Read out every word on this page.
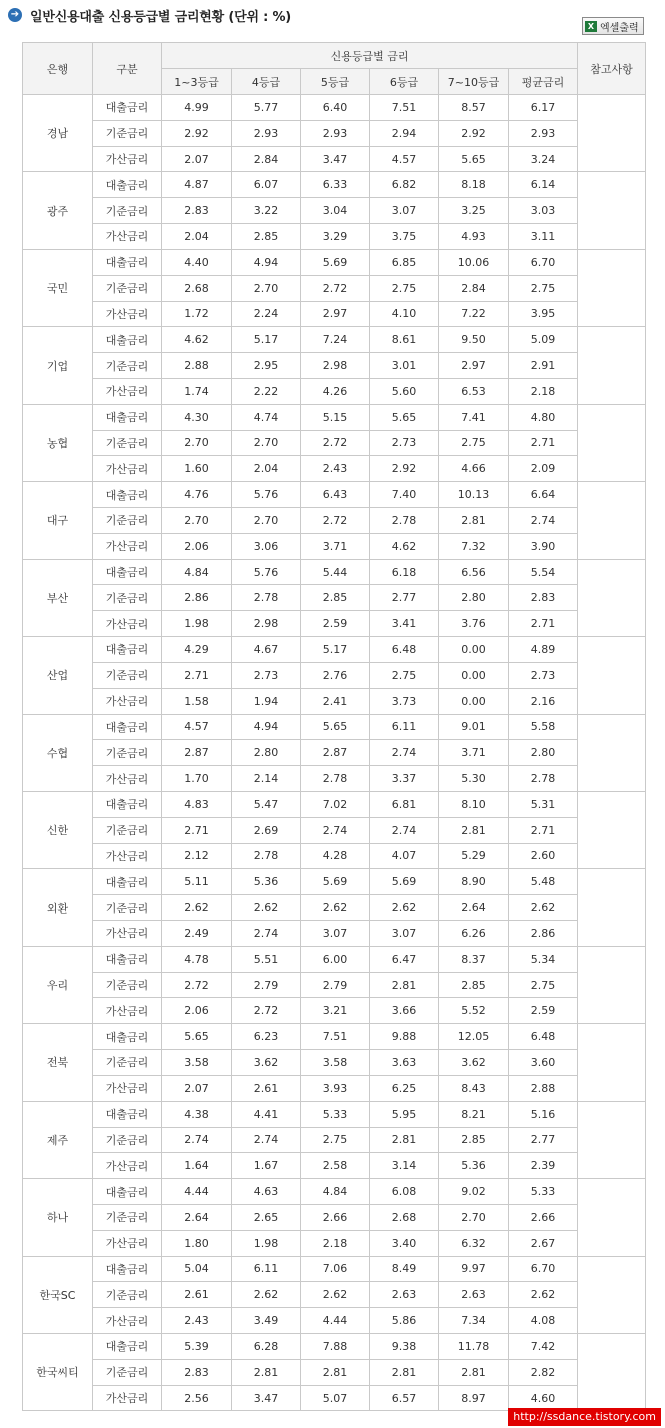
➔ 일반신용대출 신용등급별 금리현황 (단위 : %)
X 엑셀출력
은행	구분	신용등급별 금리						참고사항
		1~3등급	4등급	5등급	6등급	7~10등급	평균금리	
경남	대출금리	4.99	5.77	6.40	7.51	8.57	6.17	
	기준금리	2.92	2.93	2.93	2.94	2.92	2.93	
	가산금리	2.07	2.84	3.47	4.57	5.65	3.24	
광주	대출금리	4.87	6.07	6.33	6.82	8.18	6.14	
	기준금리	2.83	3.22	3.04	3.07	3.25	3.03	
	가산금리	2.04	2.85	3.29	3.75	4.93	3.11	
국민	대출금리	4.40	4.94	5.69	6.85	10.06	6.70	
	기준금리	2.68	2.70	2.72	2.75	2.84	2.75	
	가산금리	1.72	2.24	2.97	4.10	7.22	3.95	
기업	대출금리	4.62	5.17	7.24	8.61	9.50	5.09	
	기준금리	2.88	2.95	2.98	3.01	2.97	2.91	
	가산금리	1.74	2.22	4.26	5.60	6.53	2.18	
농협	대출금리	4.30	4.74	5.15	5.65	7.41	4.80	
	기준금리	2.70	2.70	2.72	2.73	2.75	2.71	
	가산금리	1.60	2.04	2.43	2.92	4.66	2.09	
대구	대출금리	4.76	5.76	6.43	7.40	10.13	6.64	
	기준금리	2.70	2.70	2.72	2.78	2.81	2.74	
	가산금리	2.06	3.06	3.71	4.62	7.32	3.90	
부산	대출금리	4.84	5.76	5.44	6.18	6.56	5.54	
	기준금리	2.86	2.78	2.85	2.77	2.80	2.83	
	가산금리	1.98	2.98	2.59	3.41	3.76	2.71	
산업	대출금리	4.29	4.67	5.17	6.48	0.00	4.89	
	기준금리	2.71	2.73	2.76	2.75	0.00	2.73	
	가산금리	1.58	1.94	2.41	3.73	0.00	2.16	
수협	대출금리	4.57	4.94	5.65	6.11	9.01	5.58	
	기준금리	2.87	2.80	2.87	2.74	3.71	2.80	
	가산금리	1.70	2.14	2.78	3.37	5.30	2.78	
신한	대출금리	4.83	5.47	7.02	6.81	8.10	5.31	
	기준금리	2.71	2.69	2.74	2.74	2.81	2.71	
	가산금리	2.12	2.78	4.28	4.07	5.29	2.60	
외환	대출금리	5.11	5.36	5.69	5.69	8.90	5.48	
	기준금리	2.62	2.62	2.62	2.62	2.64	2.62	
	가산금리	2.49	2.74	3.07	3.07	6.26	2.86	
우리	대출금리	4.78	5.51	6.00	6.47	8.37	5.34	
	기준금리	2.72	2.79	2.79	2.81	2.85	2.75	
	가산금리	2.06	2.72	3.21	3.66	5.52	2.59	
전북	대출금리	5.65	6.23	7.51	9.88	12.05	6.48	
	기준금리	3.58	3.62	3.58	3.63	3.62	3.60	
	가산금리	2.07	2.61	3.93	6.25	8.43	2.88	
제주	대출금리	4.38	4.41	5.33	5.95	8.21	5.16	
	기준금리	2.74	2.74	2.75	2.81	2.85	2.77	
	가산금리	1.64	1.67	2.58	3.14	5.36	2.39	
하나	대출금리	4.44	4.63	4.84	6.08	9.02	5.33	
	기준금리	2.64	2.65	2.66	2.68	2.70	2.66	
	가산금리	1.80	1.98	2.18	3.40	6.32	2.67	
한국SC	대출금리	5.04	6.11	7.06	8.49	9.97	6.70	
	기준금리	2.61	2.62	2.62	2.63	2.63	2.62	
	가산금리	2.43	3.49	4.44	5.86	7.34	4.08	
한국씨티	대출금리	5.39	6.28	7.88	9.38	11.78	7.42	
	기준금리	2.83	2.81	2.81	2.81	2.81	2.82	
	가산금리	2.56	3.47	5.07	6.57	8.97	4.60	
http://ssdance.tistory.com
